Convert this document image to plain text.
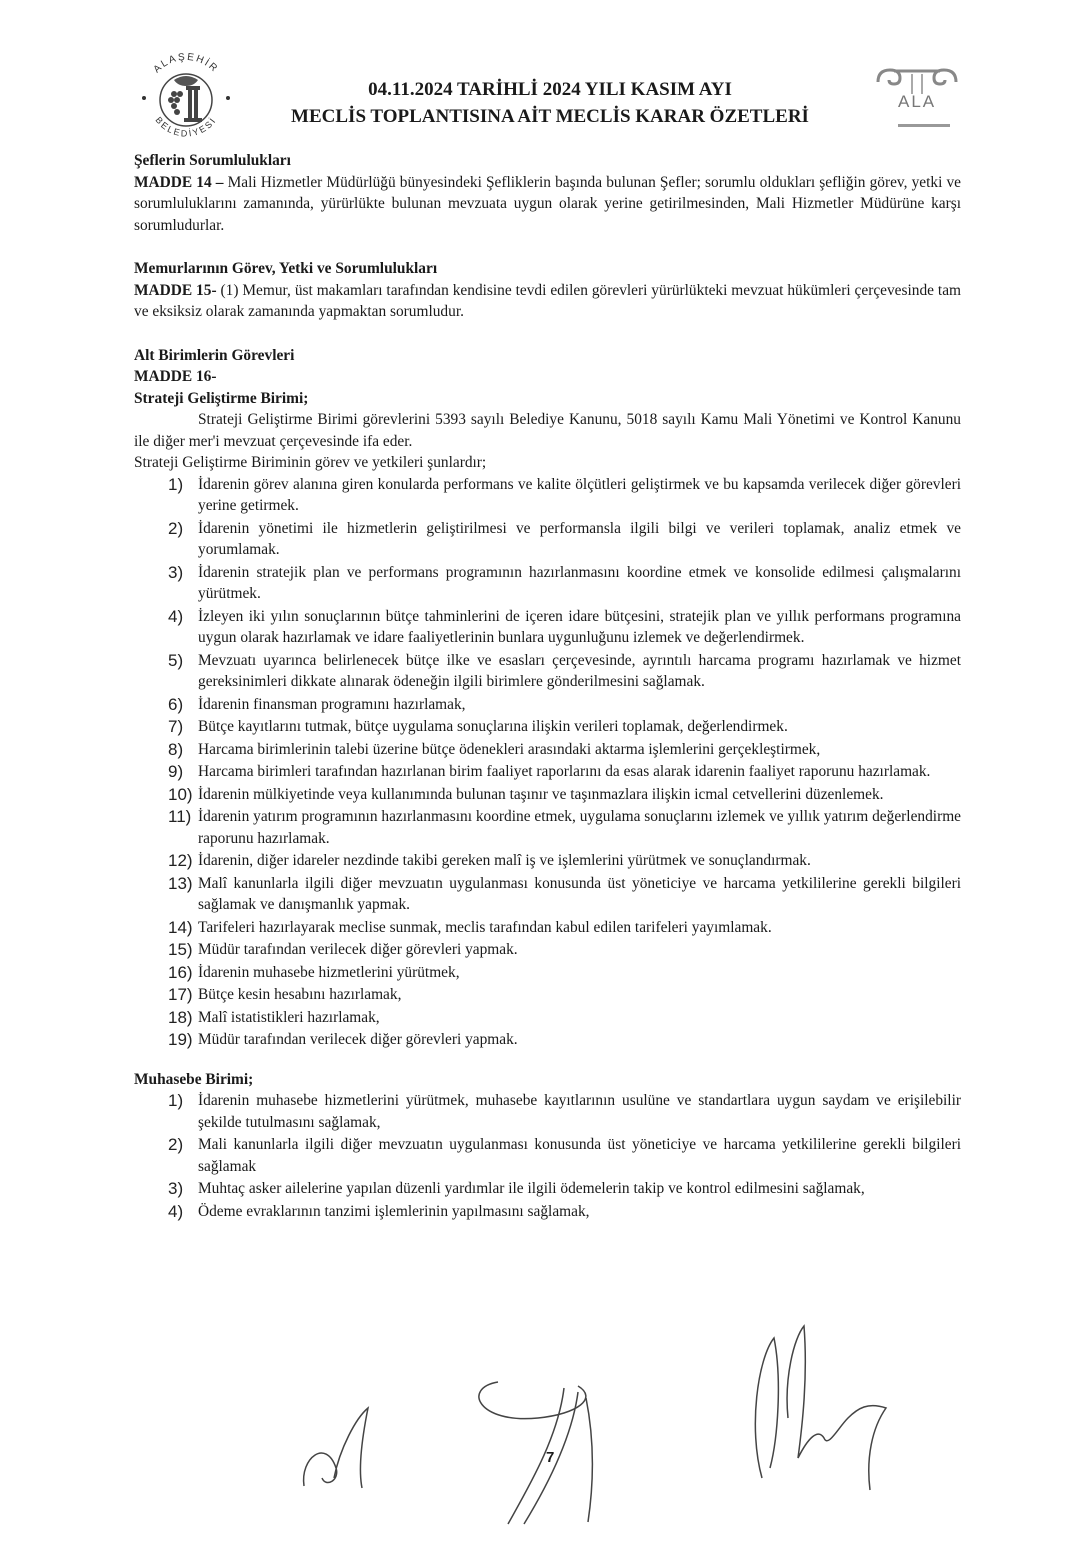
ALAŞEHİR
BELEDİYESİ
04.11.2024 TARİHLİ 2024 YILI KASIM AYI
MECLİS TOPLANTISINA AİT MECLİS KARAR ÖZETLERİ
ALA
Şeflerin Sorumlulukları
MADDE 14 – Mali Hizmetler Müdürlüğü bünyesindeki Şefliklerin başında bulunan Şefler; sorumlu oldukları şefliğin görev, yetki ve sorumluluklarını zamanında, yürürlükte bulunan mevzuata uygun olarak yerine getirilmesinden, Mali Hizmetler Müdürüne karşı sorumludurlar.
Memurlarının Görev, Yetki ve Sorumlulukları
MADDE 15- (1) Memur, üst makamları tarafından kendisine tevdi edilen görevleri yürürlükteki mevzuat hükümleri çerçevesinde tam ve eksiksiz olarak zamanında yapmaktan sorumludur.
Alt Birimlerin Görevleri
MADDE 16-
Strateji Geliştirme Birimi;
Strateji Geliştirme Birimi görevlerini 5393 sayılı Belediye Kanunu, 5018 sayılı Kamu Mali Yönetimi ve Kontrol Kanunu ile diğer mer'i mevzuat çerçevesinde ifa eder.
Strateji Geliştirme Biriminin görev ve yetkileri şunlardır;
1) İdarenin görev alanına giren konularda performans ve kalite ölçütleri geliştirmek ve bu kapsamda verilecek diğer görevleri yerine getirmek.
2) İdarenin yönetimi ile hizmetlerin geliştirilmesi ve performansla ilgili bilgi ve verileri toplamak, analiz etmek ve yorumlamak.
3) İdarenin stratejik plan ve performans programının hazırlanmasını koordine etmek ve konsolide edilmesi çalışmalarını yürütmek.
4) İzleyen iki yılın sonuçlarının bütçe tahminlerini de içeren idare bütçesini, stratejik plan ve yıllık performans programına uygun olarak hazırlamak ve idare faaliyetlerinin bunlara uygunluğunu izlemek ve değerlendirmek.
5) Mevzuatı uyarınca belirlenecek bütçe ilke ve esasları çerçevesinde, ayrıntılı harcama programı hazırlamak ve hizmet gereksinimleri dikkate alınarak ödeneğin ilgili birimlere gönderilmesini sağlamak.
6) İdarenin finansman programını hazırlamak,
7) Bütçe kayıtlarını tutmak, bütçe uygulama sonuçlarına ilişkin verileri toplamak, değerlendirmek.
8) Harcama birimlerinin talebi üzerine bütçe ödenekleri arasındaki aktarma işlemlerini gerçekleştirmek,
9) Harcama birimleri tarafından hazırlanan birim faaliyet raporlarını da esas alarak idarenin faaliyet raporunu hazırlamak.
10) İdarenin mülkiyetinde veya kullanımında bulunan taşınır ve taşınmazlara ilişkin icmal cetvellerini düzenlemek.
11) İdarenin yatırım programının hazırlanmasını koordine etmek, uygulama sonuçlarını izlemek ve yıllık yatırım değerlendirme raporunu hazırlamak.
12) İdarenin, diğer idareler nezdinde takibi gereken malî iş ve işlemlerini yürütmek ve sonuçlandırmak.
13) Malî kanunlarla ilgili diğer mevzuatın uygulanması konusunda üst yöneticiye ve harcama yetkililerine gerekli bilgileri sağlamak ve danışmanlık yapmak.
14) Tarifeleri hazırlayarak meclise sunmak, meclis tarafından kabul edilen tarifeleri yayımlamak.
15) Müdür tarafından verilecek diğer görevleri yapmak.
16) İdarenin muhasebe hizmetlerini yürütmek,
17) Bütçe kesin hesabını hazırlamak,
18) Malî istatistikleri hazırlamak,
19) Müdür tarafından verilecek diğer görevleri yapmak.
Muhasebe Birimi;
1) İdarenin muhasebe hizmetlerini yürütmek, muhasebe kayıtlarının usulüne ve standartlara uygun saydam ve erişilebilir şekilde tutulmasını sağlamak,
2) Mali kanunlarla ilgili diğer mevzuatın uygulanması konusunda üst yöneticiye ve harcama yetkililerine gerekli bilgileri sağlamak
3) Muhtaç asker ailelerine yapılan düzenli yardımlar ile ilgili ödemelerin takip ve kontrol edilmesini sağlamak,
4) Ödeme evraklarının tanzimi işlemlerinin yapılmasını sağlamak,
7
